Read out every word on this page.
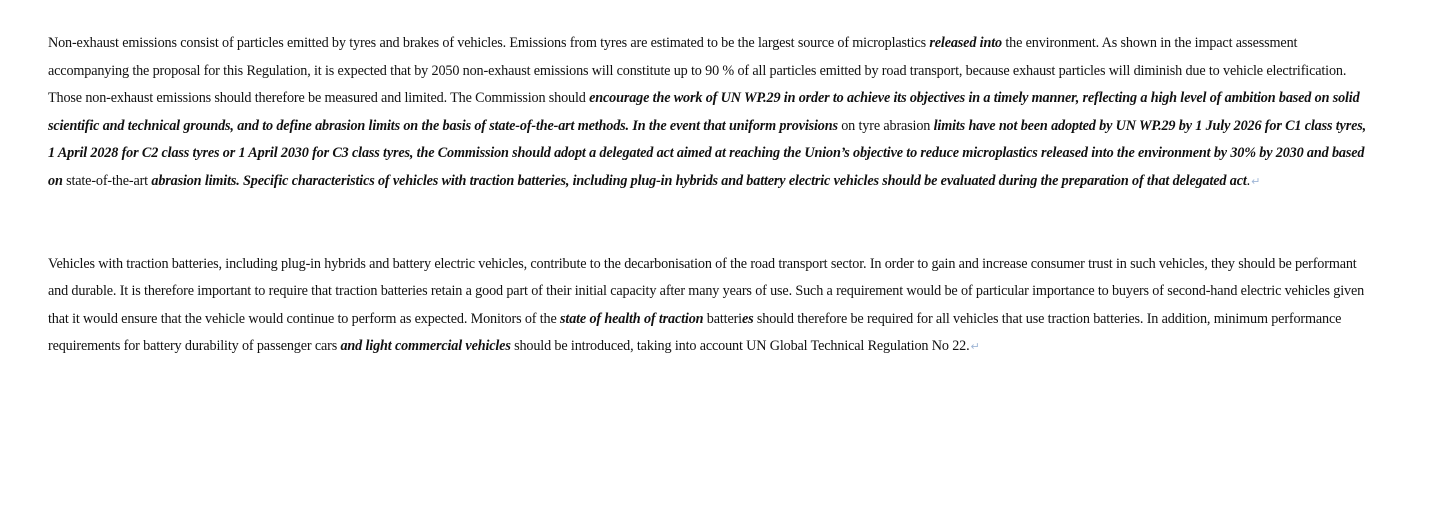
Non-exhaust emissions consist of particles emitted by tyres and brakes of vehicles. Emissions from tyres are estimated to be the largest source of microplastics released into the environment. As shown in the impact assessment accompanying the proposal for this Regulation, it is expected that by 2050 non-exhaust emissions will constitute up to 90 % of all particles emitted by road transport, because exhaust particles will diminish due to vehicle electrification. Those non-exhaust emissions should therefore be measured and limited. The Commission should encourage the work of UN WP.29 in order to achieve its objectives in a timely manner, reflecting a high level of ambition based on solid scientific and technical grounds, and to define abrasion limits on the basis of state-of-the-art methods. In the event that uniform provisions on tyre abrasion limits have not been adopted by UN WP.29 by 1 July 2026 for C1 class tyres, 1 April 2028 for C2 class tyres or 1 April 2030 for C3 class tyres, the Commission should adopt a delegated act aimed at reaching the Union’s objective to reduce microplastics released into the environment by 30% by 2030 and based on state-of-the-art abrasion limits. Specific characteristics of vehicles with traction batteries, including plug-in hybrids and battery electric vehicles should be evaluated during the preparation of that delegated act.↵

Vehicles with traction batteries, including plug-in hybrids and battery electric vehicles, contribute to the decarbonisation of the road transport sector. In order to gain and increase consumer trust in such vehicles, they should be performant and durable. It is therefore important to require that traction batteries retain a good part of their initial capacity after many years of use. Such a requirement would be of particular importance to buyers of second-hand electric vehicles given that it would ensure that the vehicle would continue to perform as expected. Monitors of the state of health of traction batteries should therefore be required for all vehicles that use traction batteries. In addition, minimum performance requirements for battery durability of passenger cars and light commercial vehicles should be introduced, taking into account UN Global Technical Regulation No 22.↵
